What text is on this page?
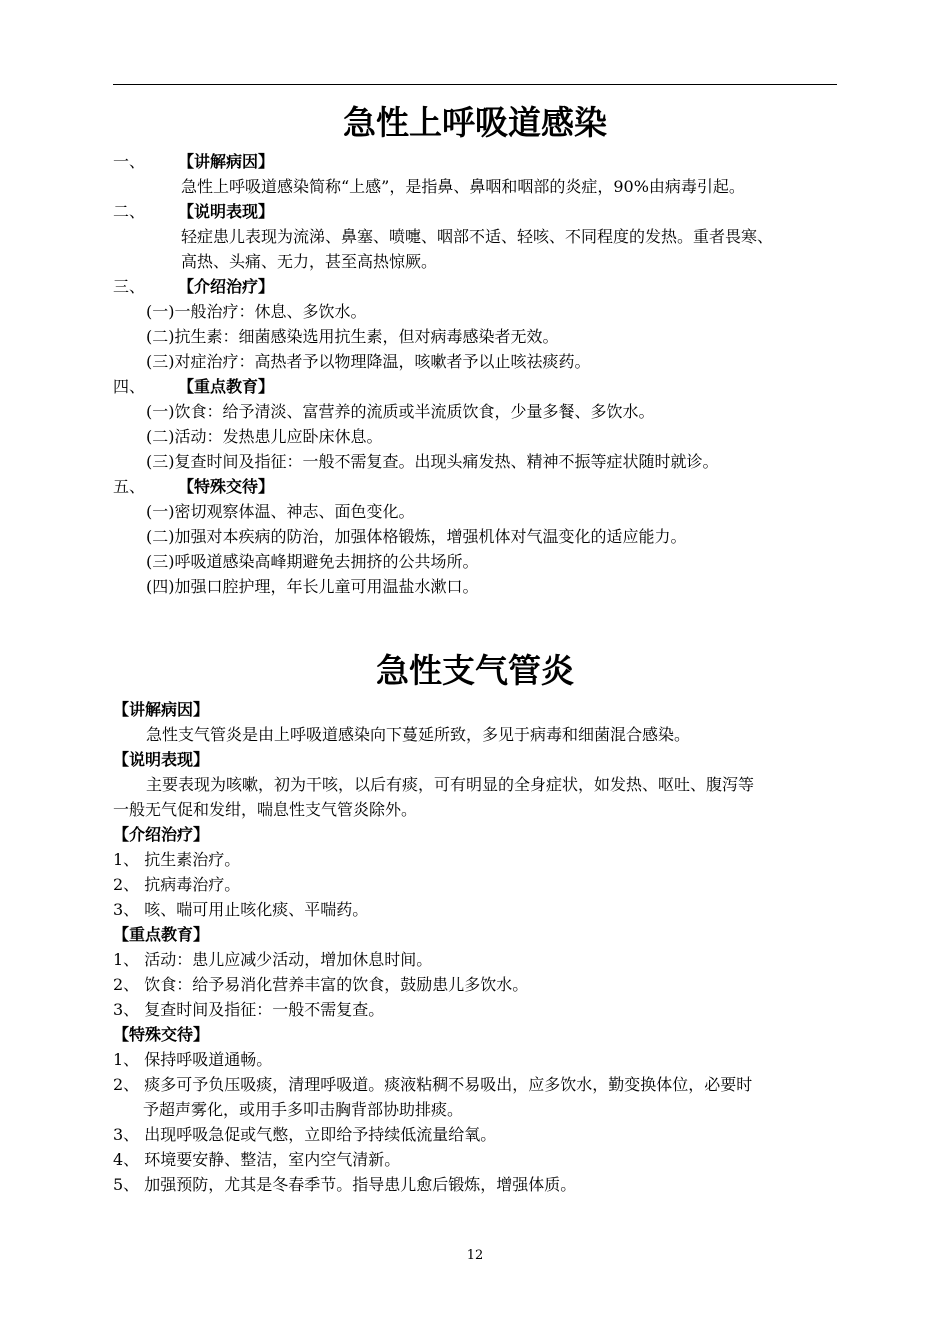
急性上呼吸道感染
一、 【讲解病因】
急性上呼吸道感染简称“上感”，是指鼻、鼻咽和咽部的炎症，90%由病毒引起。
二、 【说明表现】
轻症患儿表现为流涕、鼻塞、喷嚏、咽部不适、轻咳、不同程度的发热。重者畏寒、
高热、头痛、无力，甚至高热惊厥。
三、 【介绍治疗】
(一)一般治疗：休息、多饮水。
(二)抗生素：细菌感染选用抗生素，但对病毒感染者无效。
(三)对症治疗：高热者予以物理降温，咳嗽者予以止咳祛痰药。
四、 【重点教育】
(一)饮食：给予清淡、富营养的流质或半流质饮食，少量多餐、多饮水。
(二)活动：发热患儿应卧床休息。
(三)复查时间及指征：一般不需复查。出现头痛发热、精神不振等症状随时就诊。
五、 【特殊交待】
(一)密切观察体温、神志、面色变化。
(二)加强对本疾病的防治，加强体格锻炼，增强机体对气温变化的适应能力。
(三)呼吸道感染高峰期避免去拥挤的公共场所。
(四)加强口腔护理，年长儿童可用温盐水漱口。
急性支气管炎
【讲解病因】
急性支气管炎是由上呼吸道感染向下蔓延所致，多见于病毒和细菌混合感染。
【说明表现】
主要表现为咳嗽，初为干咳，以后有痰，可有明显的全身症状，如发热、呕吐、腹泻等
一般无气促和发绀，喘息性支气管炎除外。
【介绍治疗】
1、 抗生素治疗。
2、 抗病毒治疗。
3、 咳、喘可用止咳化痰、平喘药。
【重点教育】
1、 活动：患儿应减少活动，增加休息时间。
2、 饮食：给予易消化营养丰富的饮食，鼓励患儿多饮水。
3、 复查时间及指征：一般不需复查。
【特殊交待】
1、 保持呼吸道通畅。
2、 痰多可予负压吸痰，清理呼吸道。痰液粘稠不易吸出，应多饮水，勤变换体位，必要时
予超声雾化，或用手多叩击胸背部协助排痰。
3、 出现呼吸急促或气憋，立即给予持续低流量给氧。
4、 环境要安静、整洁，室内空气清新。
5、 加强预防，尤其是冬春季节。指导患儿愈后锻炼，增强体质。
12
